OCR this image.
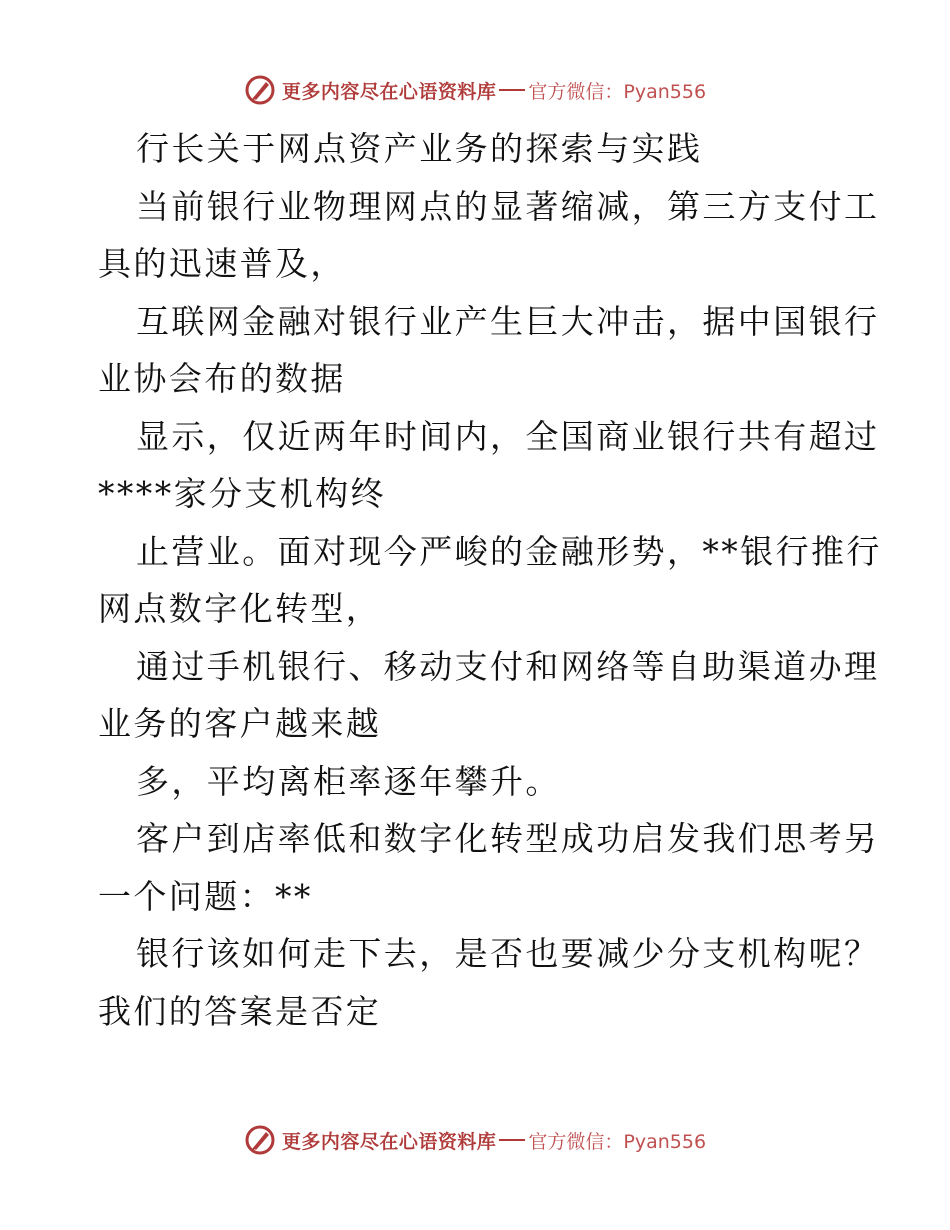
更多内容尽在心语资料库 官方微信：Pyan556
行长关于网点资产业务的探索与实践
当前银行业物理网点的显著缩减，第三方支付工
具的迅速普及，
互联网金融对银行业产生巨大冲击，据中国银行
业协会布的数据
显示，仅近两年时间内，全国商业银行共有超过
****家分支机构终
止营业。面对现今严峻的金融形势，**银行推行
网点数字化转型，
通过手机银行、移动支付和网络等自助渠道办理
业务的客户越来越
多，平均离柜率逐年攀升。
客户到店率低和数字化转型成功启发我们思考另
一个问题：**
银行该如何走下去，是否也要减少分支机构呢？
我们的答案是否定
更多内容尽在心语资料库 官方微信：Pyan556
